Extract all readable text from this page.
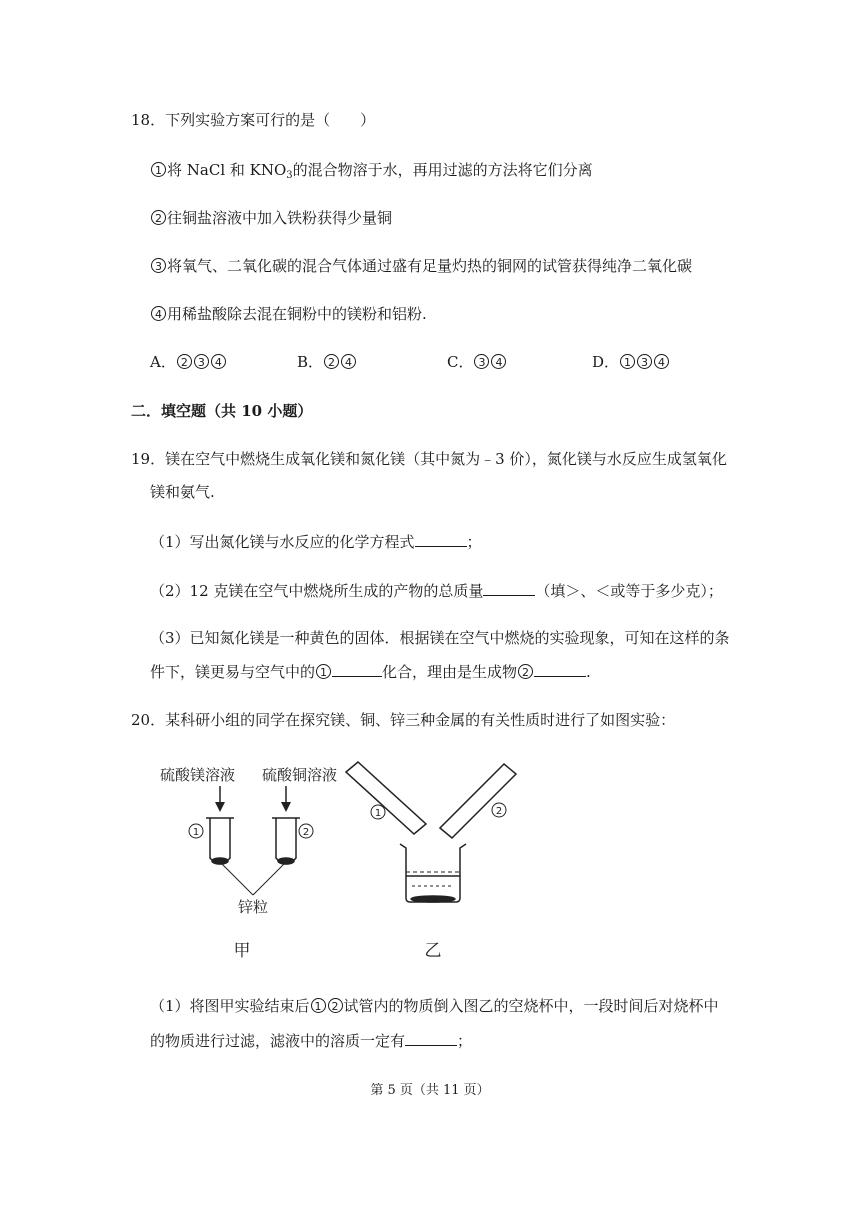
18．下列实验方案可行的是（　　）
1 将 NaCl 和 $KNO_3$的混合物溶于水，再用过滤的方法将它们分离
2 往铜盐溶液中加入铁粉获得少量铜
3 将氧气、二氧化碳的混合气体通过盛有足量灼热的铜网的试管获得纯净二氧化碳
4 用稀盐酸除去混在铜粉中的镁粉和铝粉.
A． 2 3 4	B． 2 4	C． 3 4	D． 1 3 4
二．填空题（共 10 小题）
19．镁在空气中燃烧生成氧化镁和氮化镁（其中氮为﹣3 价），氮化镁与水反应生成氢氧化
镁和氨气.
（1）写出氮化镁与水反应的化学方程式	；
（2）12 克镁在空气中燃烧所生成的产物的总质量	（填＞、＜或等于多少克）；
（3）已知氮化镁是一种黄色的固体．根据镁在空气中燃烧的实验现象，可知在这样的条
件下，镁更易与空气中的 1	化合，理由是生成物 2	.
20．某科研小组的同学在探究镁、铜、锌三种金属的有关性质时进行了如图实验：
硫酸镁溶液 硫酸铜溶液
1	2
锌粒
1	2
甲	乙
（1）将图甲实验结束后 1 2 试管内的物质倒入图乙的空烧杯中，一段时间后对烧杯中
的物质进行过滤，滤液中的溶质一定有	；
第 5 页（共 11 页）
